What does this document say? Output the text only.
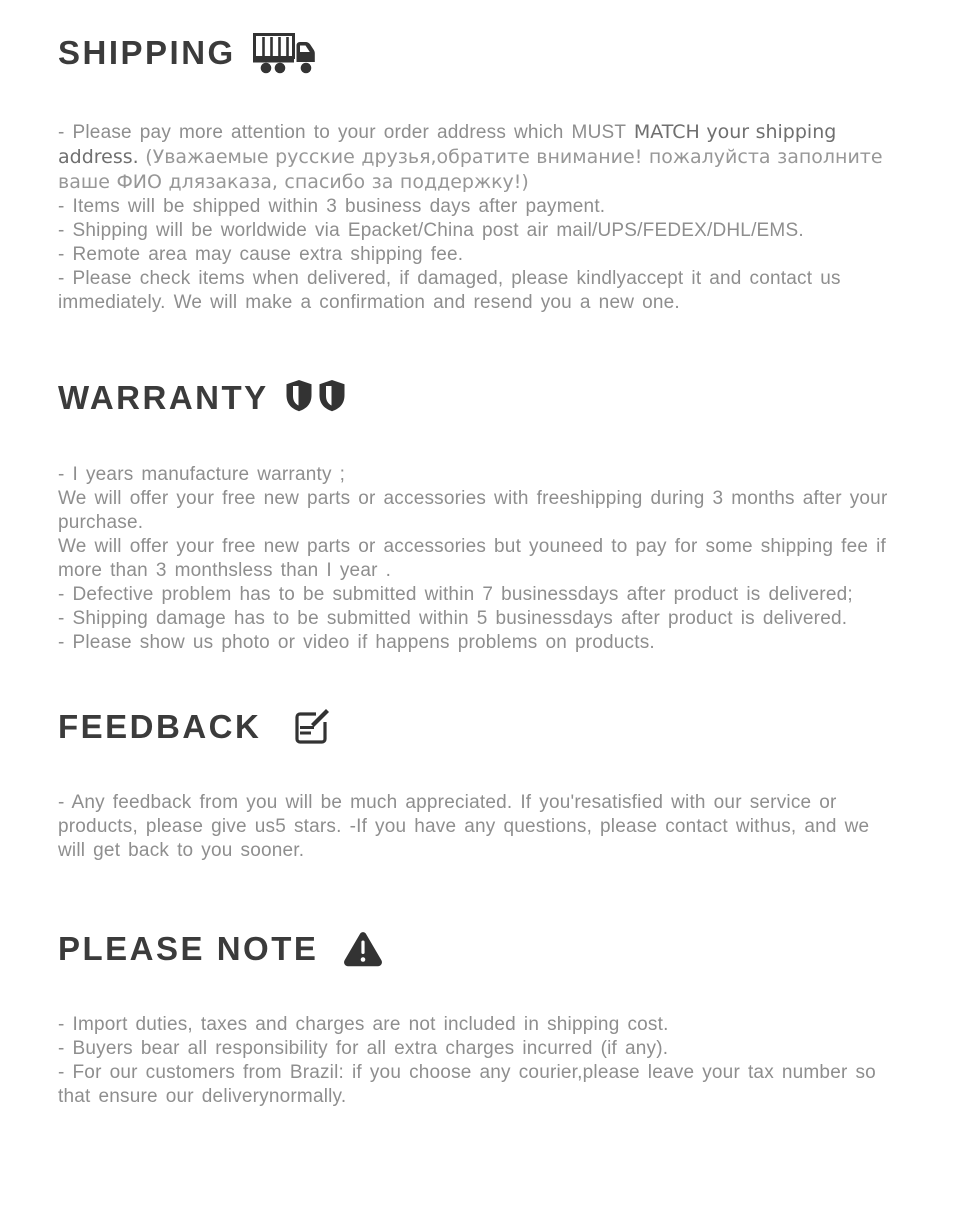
SHIPPING
- Please pay more attention to your order address which MUST MATCH your shipping address. (Уважаемые русские друзья,обратите внимание! пожалуйста заполните ваше ФИО длязаказа, спасибо за поддержку!)
- Items will be shipped within 3 business days after payment.
- Shipping will be worldwide via Epacket/China post air mail/UPS/FEDEX/DHL/EMS.
- Remote area may cause extra shipping fee.
- Please check items when delivered, if damaged, please kindlyaccept it and contact us immediately. We will make a confirmation and resend you a new one.
WARRANTY
- I years manufacture warranty ;
We will offer your free new parts or accessories with freeshipping during 3 months after your purchase.
We will offer your free new parts or accessories but youneed to pay for some shipping fee if more than 3 monthsless than I year .
- Defective problem has to be submitted within 7 businessdays after product is delivered;
- Shipping damage has to be submitted within 5 businessdays after product is delivered.
- Please show us photo or video if happens problems on products.
FEEDBACK
- Any feedback from you will be much appreciated. If you'resatisfied with our service or products, please give us5 stars. -If you have any questions, please contact withus, and we will get back to you sooner.
PLEASE NOTE
- Import duties, taxes and charges are not included in shipping cost.
- Buyers bear all responsibility for all extra charges incurred (if any).
- For our customers from Brazil: if you choose any courier,please leave your tax number so that ensure our deliverynormally.
